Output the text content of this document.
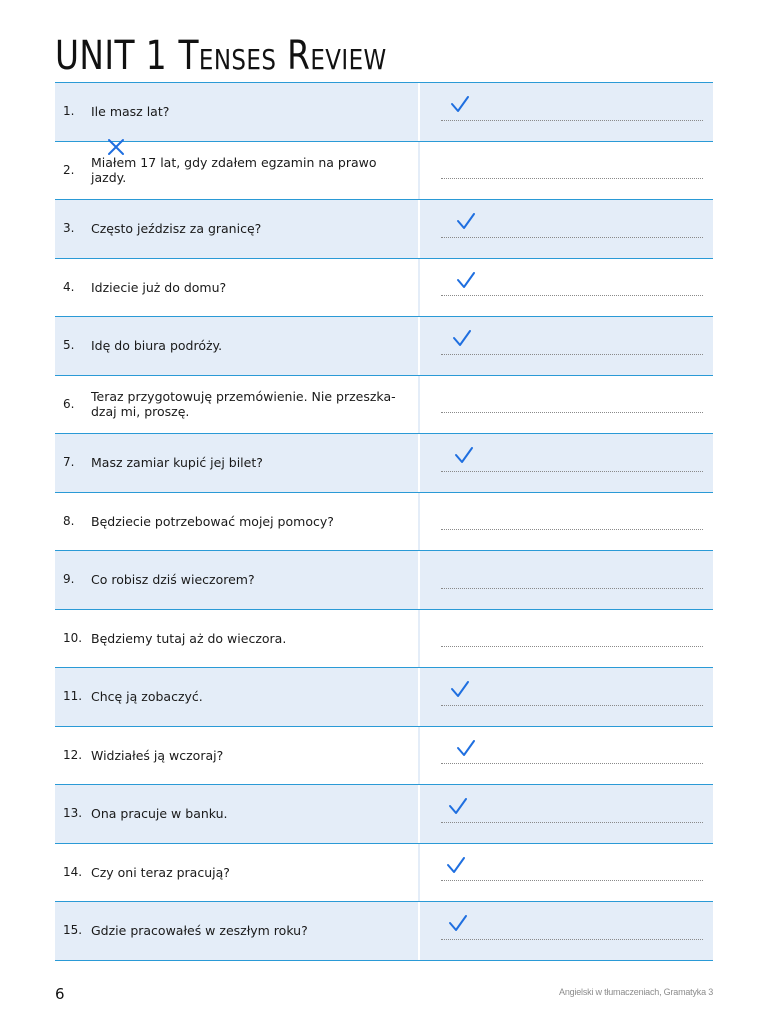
UNIT 1 Tenses Review
1.	Ile masz lat?
2.	Miałem 17 lat, gdy zdałem egzamin na prawo jazdy.
3.	Często jeździsz za granicę?
4.	Idziecie już do domu?
5.	Idę do biura podróży.
6.	Teraz przygotowuję przemówienie. Nie przeszka-dzaj mi, proszę.
7.	Masz zamiar kupić jej bilet?
8.	Będziecie potrzebować mojej pomocy?
9.	Co robisz dziś wieczorem?
10. Będziemy tutaj aż do wieczora.
11. Chcę ją zobaczyć.
12. Widziałeś ją wczoraj?
13. Ona pracuje w banku.
14. Czy oni teraz pracują?
15. Gdzie pracowałeś w zeszłym roku?
6	Angielski w tłumaczeniach, Gramatyka 3
